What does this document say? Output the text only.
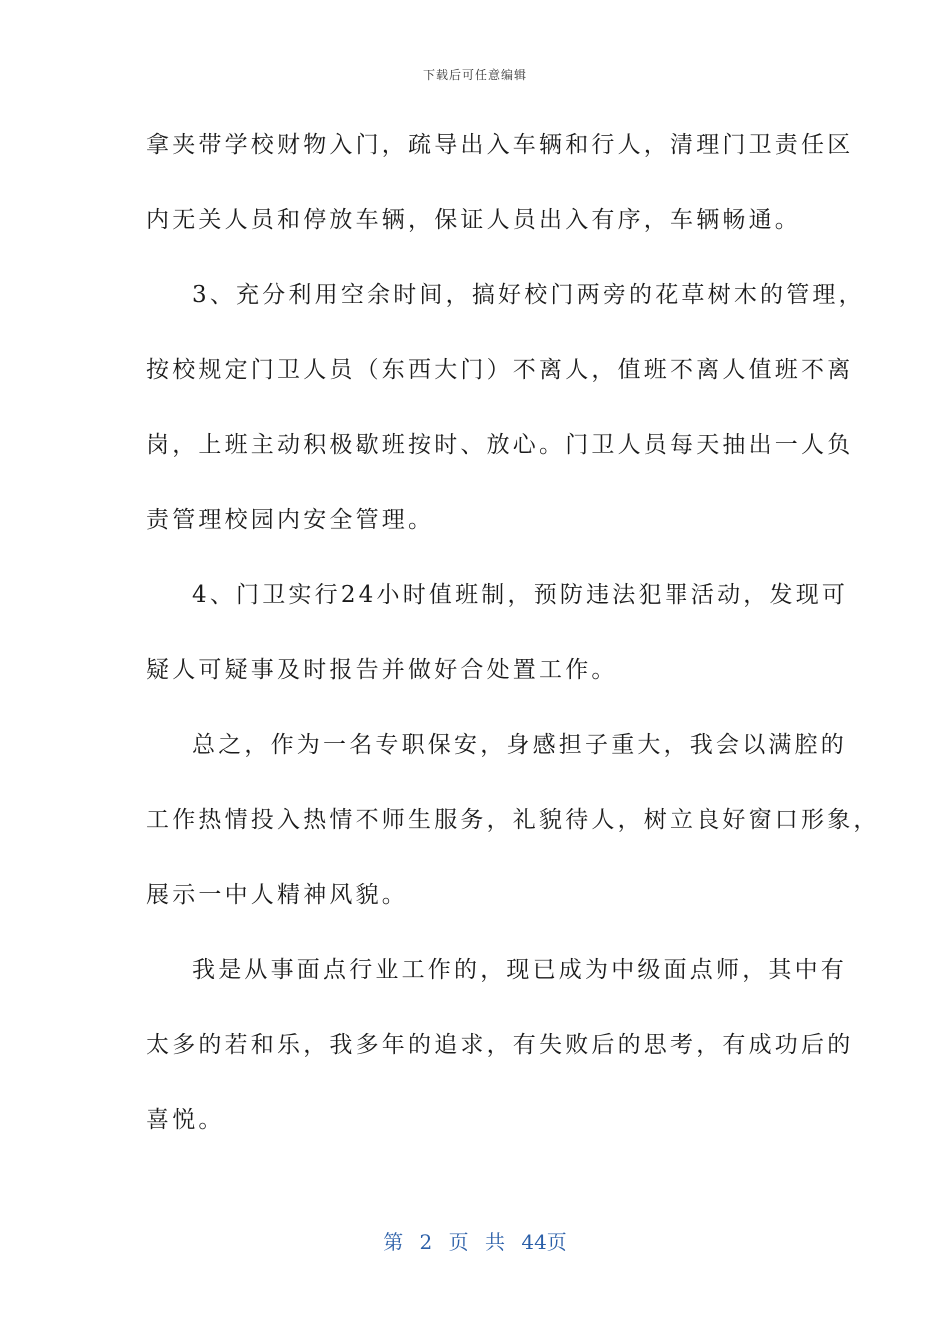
下载后可任意编辑
拿夹带学校财物入门，疏导出入车辆和行人，清理门卫责任区
内无关人员和停放车辆，保证人员出入有序，车辆畅通。
3、充分利用空余时间，搞好校门两旁的花草树木的管理，
按校规定门卫人员（东西大门）不离人，值班不离人值班不离
岗，上班主动积极歇班按时、放心。门卫人员每天抽出一人负
责管理校园内安全管理。
4、门卫实行24小时值班制，预防违法犯罪活动，发现可
疑人可疑事及时报告并做好合处置工作。
总之，作为一名专职保安，身感担子重大，我会以满腔的
工作热情投入热情不师生服务，礼貌待人，树立良好窗口形象，
展示一中人精神风貌。
我是从事面点行业工作的，现已成为中级面点师，其中有
太多的若和乐，我多年的追求，有失败后的思考，有成功后的
喜悦。
第 2 页 共 44页
